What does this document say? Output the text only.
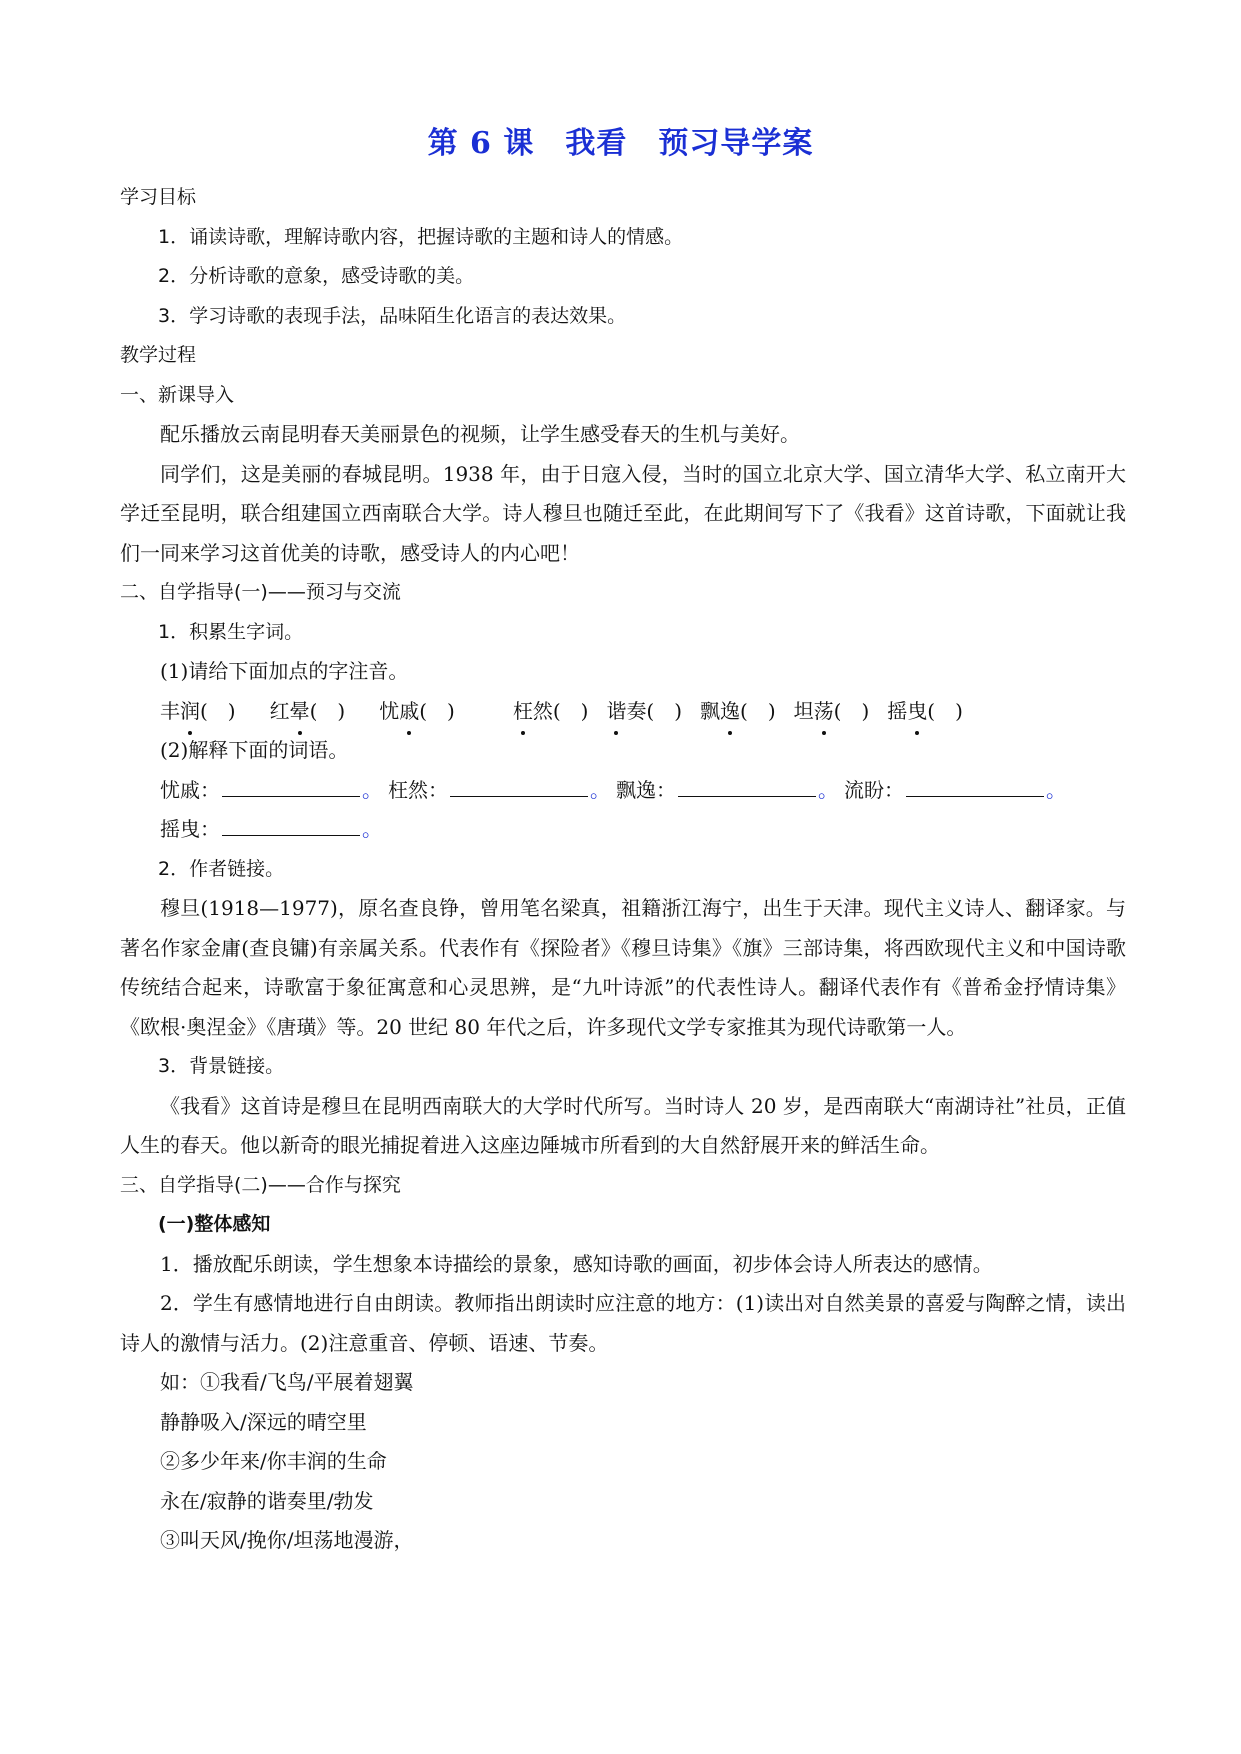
第 6 课　我看　预习导学案

学习目标

1．诵读诗歌，理解诗歌内容，把握诗歌的主题和诗人的情感。

2．分析诗歌的意象，感受诗歌的美。

3．学习诗歌的表现手法，品味陌生化语言的表达效果。

教学过程

一、新课导入

配乐播放云南昆明春天美丽景色的视频，让学生感受春天的生机与美好。

同学们，这是美丽的春城昆明。1938 年，由于日寇入侵，当时的国立北京大学、国立清华大学、私立南开大学迁至昆明，联合组建国立西南联合大学。诗人穆旦也随迁至此，在此期间写下了《我看》这首诗歌，下面就让我们一同来学习这首优美的诗歌，感受诗人的内心吧！

二、自学指导(一)——预习与交流

1．积累生字词。

(1)请给下面加点的字注音。

丰润(　) 红晕(　) 忧戚(　)	枉然(　) 谐奏(　) 飘逸(　) 坦荡(　) 摇曳(　)

(2)解释下面的词语。

忧戚：	。 枉然：	。 飘逸：	。 流盼：	。

摇曳：	。

2．作者链接。

穆旦(1918—1977)，原名查良铮，曾用笔名梁真，祖籍浙江海宁，出生于天津。现代主义诗人、翻译家。与著名作家金庸(查良镛)有亲属关系。代表作有《探险者》《穆旦诗集》《旗》三部诗集，将西欧现代主义和中国诗歌传统结合起来，诗歌富于象征寓意和心灵思辨，是“九叶诗派”的代表性诗人。翻译代表作有《普希金抒情诗集》《欧根·奥涅金》《唐璜》等。20 世纪 80 年代之后，许多现代文学专家推其为现代诗歌第一人。

3．背景链接。

《我看》这首诗是穆旦在昆明西南联大的大学时代所写。当时诗人 20 岁，是西南联大“南湖诗社”社员，正值人生的春天。他以新奇的眼光捕捉着进入这座边陲城市所看到的大自然舒展开来的鲜活生命。

三、自学指导(二)——合作与探究

(一)整体感知

1．播放配乐朗读，学生想象本诗描绘的景象，感知诗歌的画面，初步体会诗人所表达的感情。

2．学生有感情地进行自由朗读。教师指出朗读时应注意的地方：(1)读出对自然美景的喜爱与陶醉之情，读出诗人的激情与活力。(2)注意重音、停顿、语速、节奏。

如：①我看/飞鸟/平展着翅翼

静静吸入/深远的晴空里

②多少年来/你丰润的生命

永在/寂静的谐奏里/勃发

③叫天风/挽你/坦荡地漫游，
